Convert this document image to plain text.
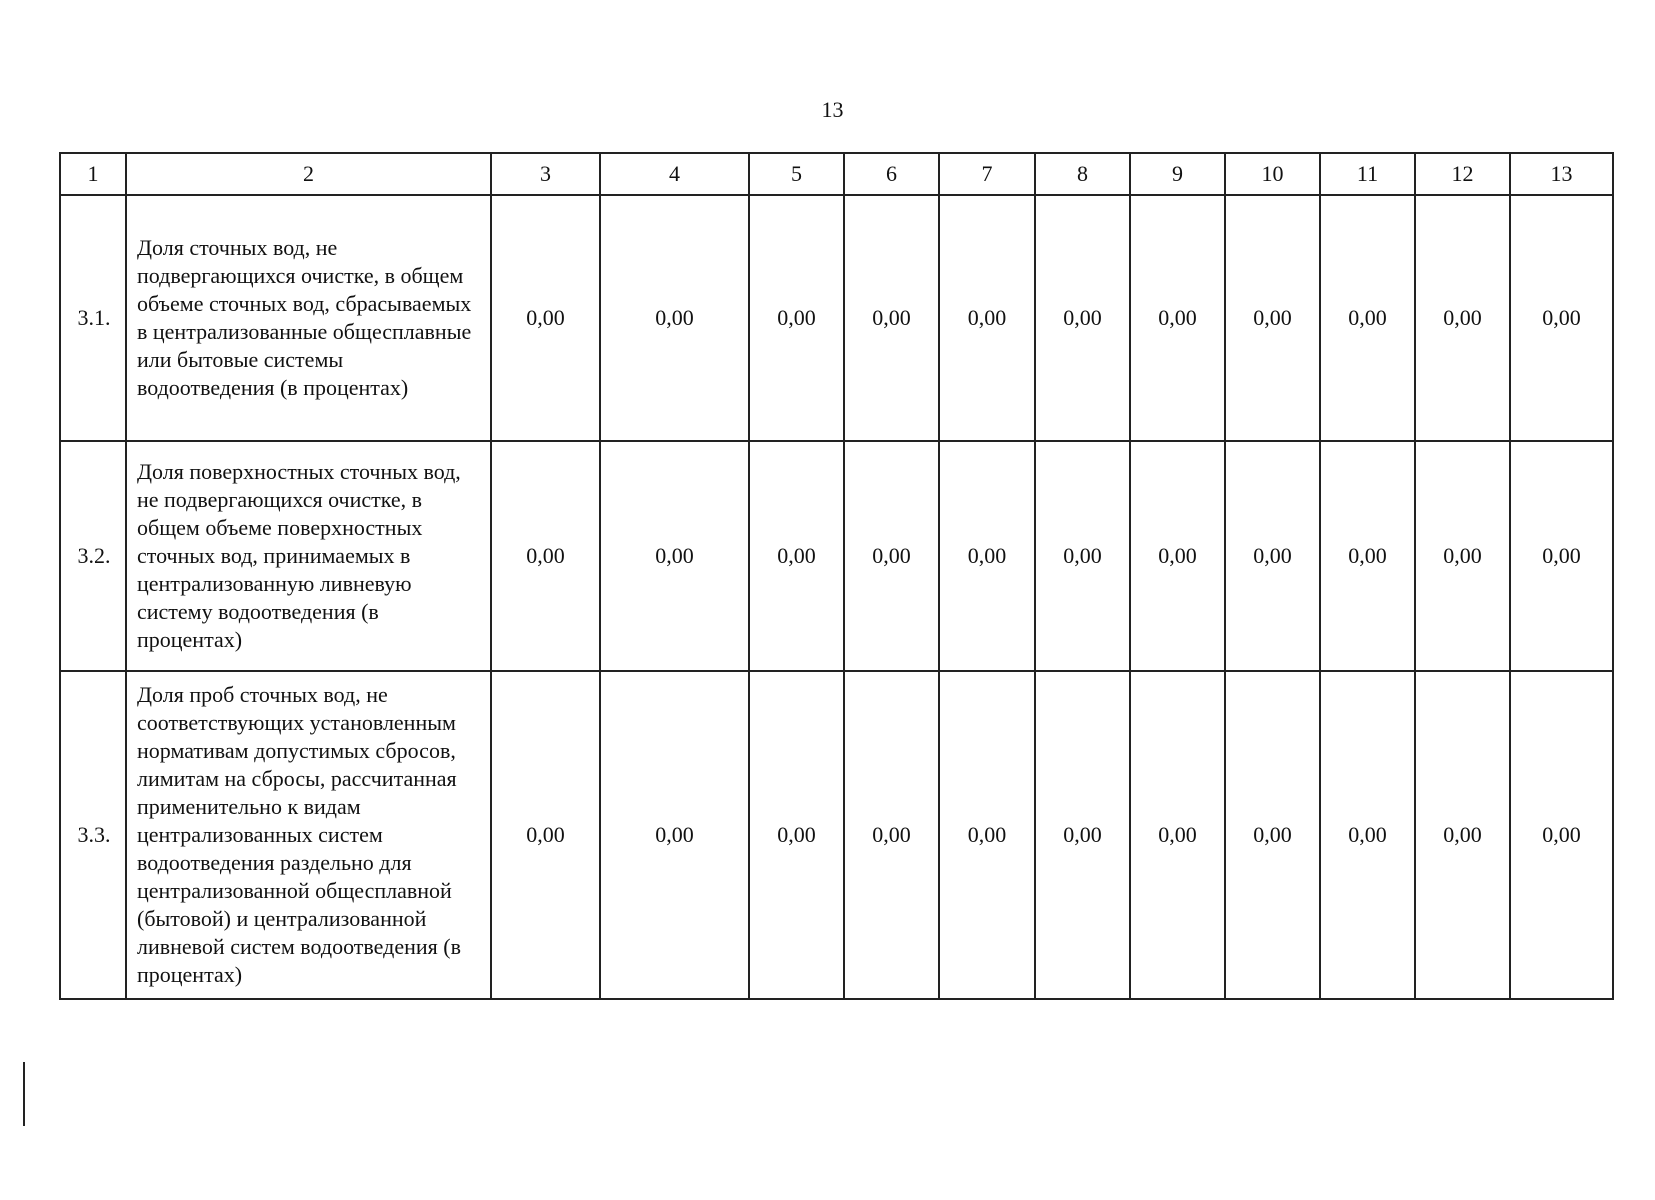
13
1	2	3	4	5	6	7	8	9	10	11	12	13
3.1.	Доля сточных вод, не подвергающихся очистке, в общем объеме сточных вод, сбрасываемых в централизованные общесплавные или бытовые системы водоотведения (в процентах)	0,00	0,00	0,00	0,00	0,00	0,00	0,00	0,00	0,00	0,00	0,00
3.2.	Доля поверхностных сточных вод, не подвергающихся очистке, в общем объеме поверхностных сточных вод, принимаемых в централизованную ливневую систему водоотведения (в процентах)	0,00	0,00	0,00	0,00	0,00	0,00	0,00	0,00	0,00	0,00	0,00
3.3.	Доля проб сточных вод, не соответствующих установленным нормативам допустимых сбросов, лимитам на сбросы, рассчитанная применительно к видам централизованных систем водоотведения раздельно для централизованной общесплавной (бытовой) и централизованной ливневой систем водоотведения (в процентах)	0,00	0,00	0,00	0,00	0,00	0,00	0,00	0,00	0,00	0,00	0,00
